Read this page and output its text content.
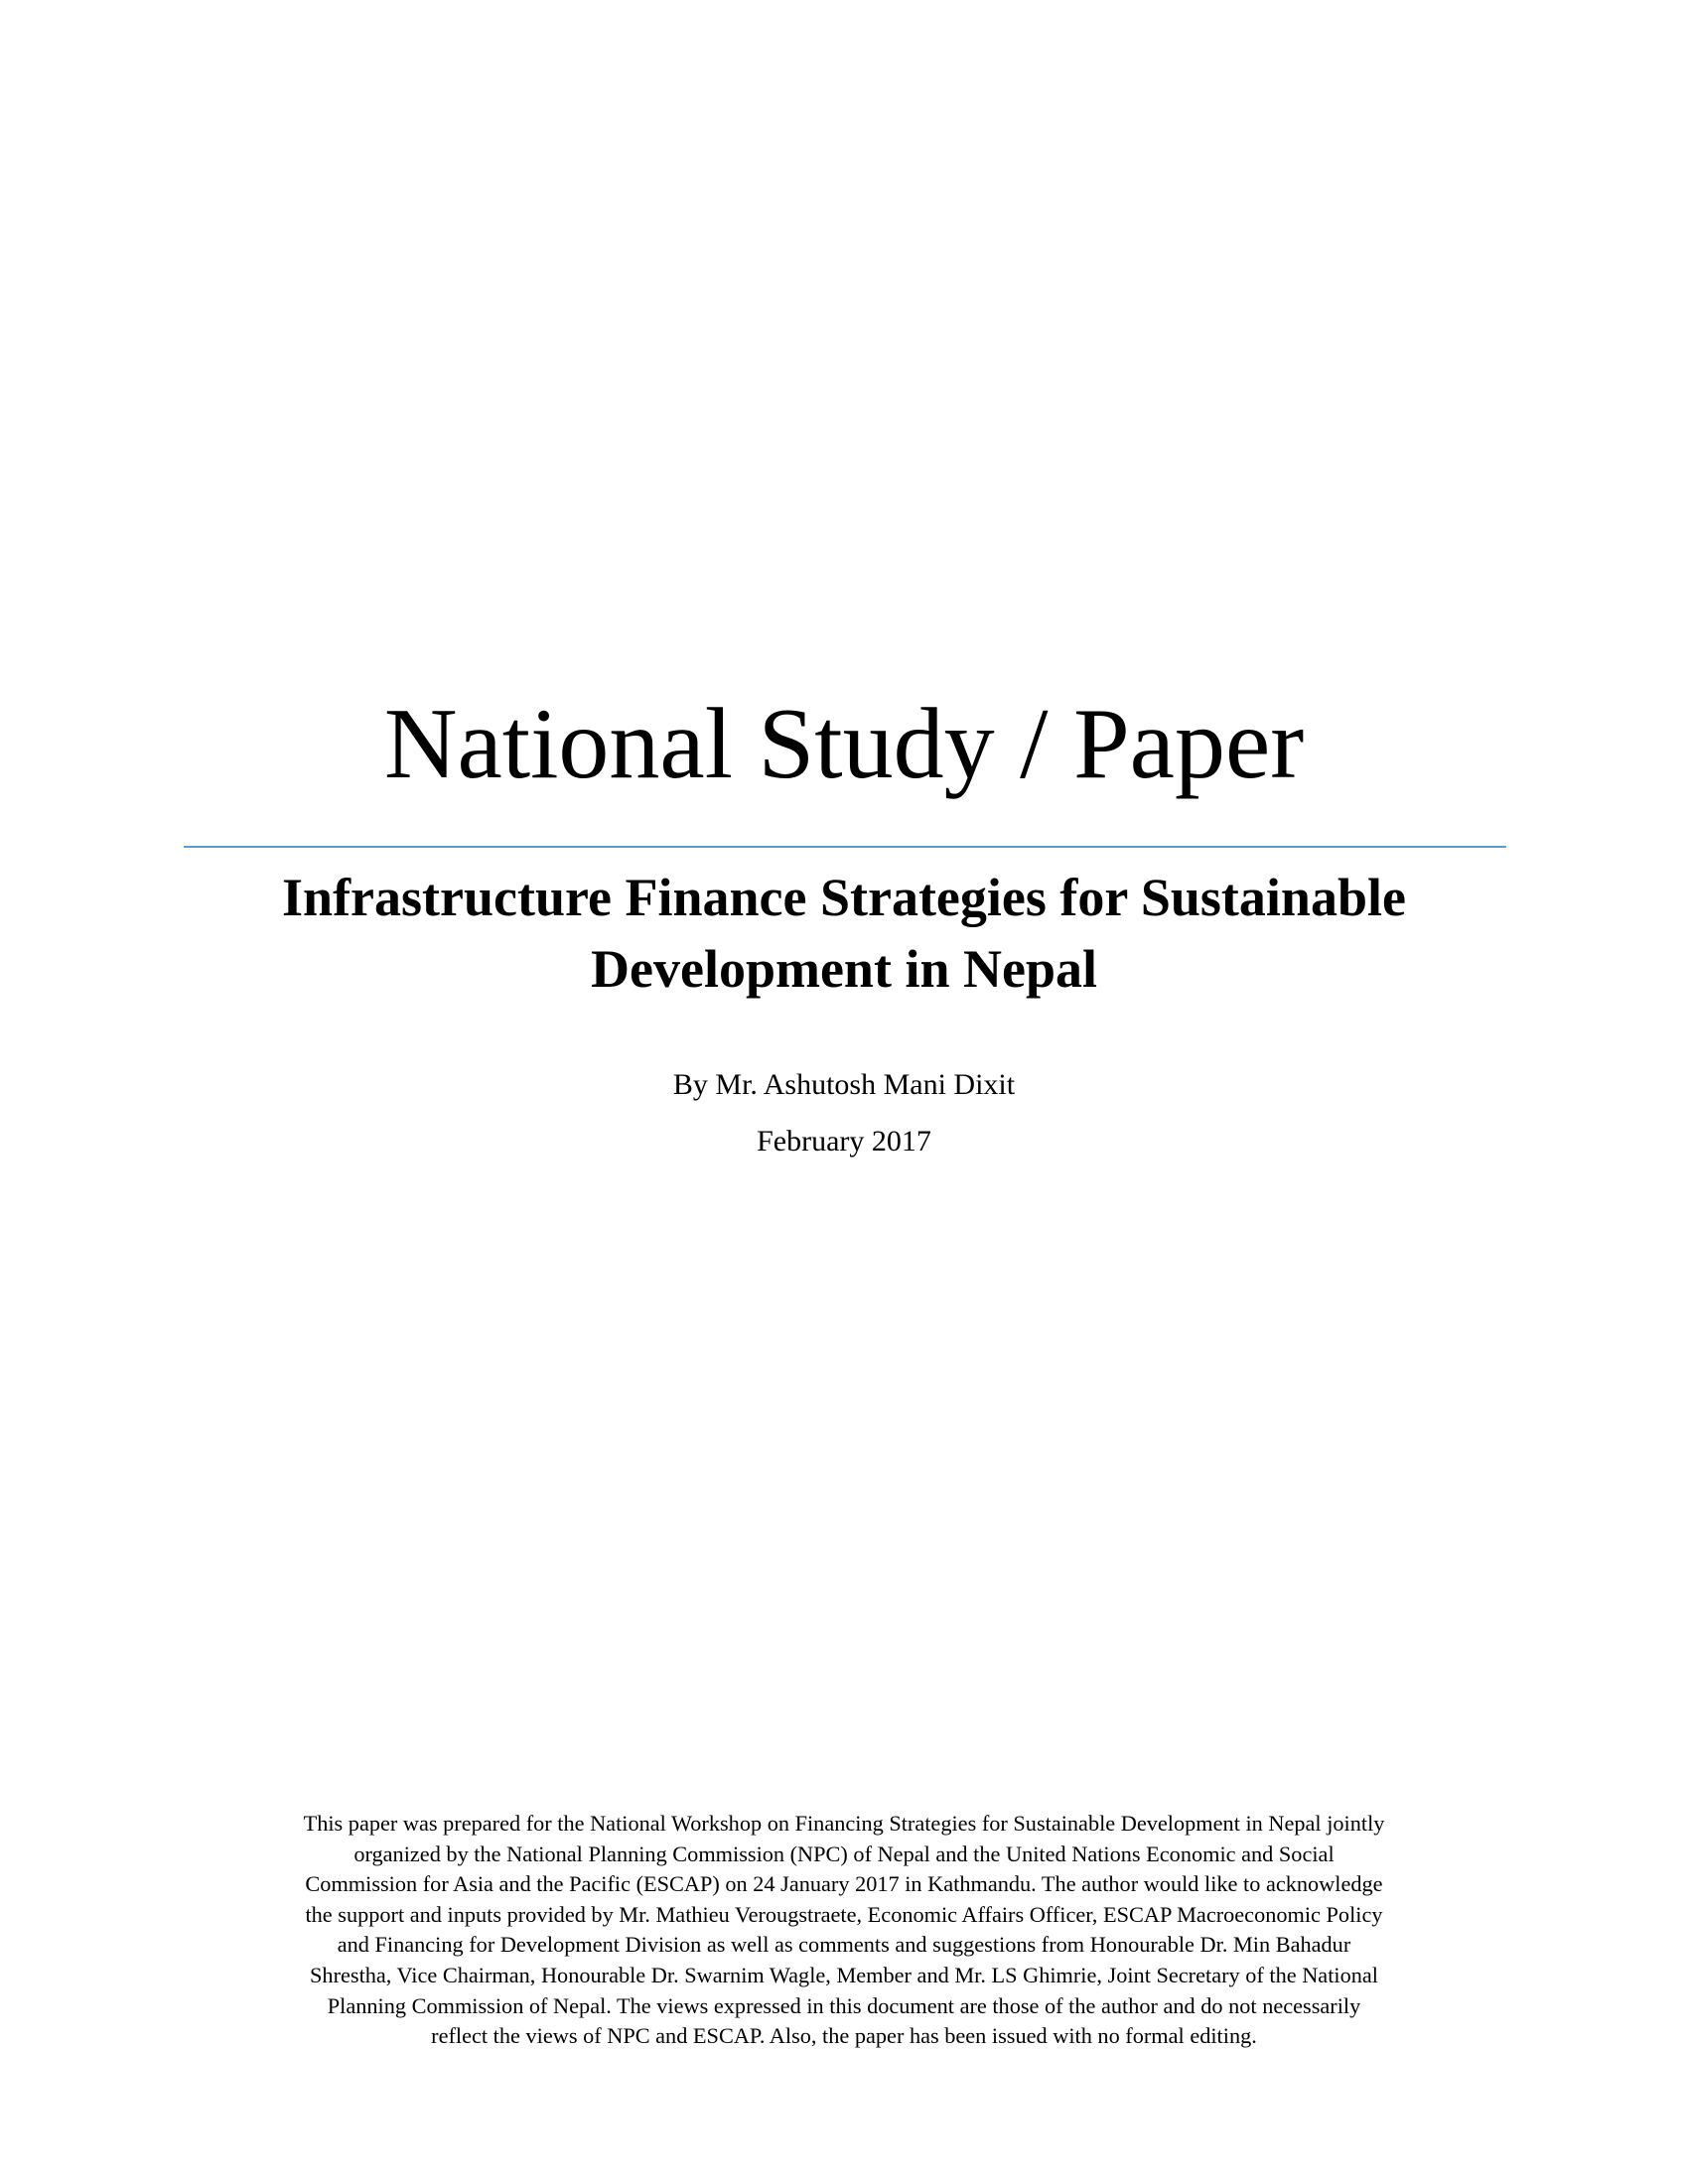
National Study / Paper
Infrastructure Finance Strategies for Sustainable
Development in Nepal

By Mr. Ashutosh Mani Dixit

February 2017

This paper was prepared for the National Workshop on Financing Strategies for Sustainable Development in Nepal jointly
organized by the National Planning Commission (NPC) of Nepal and the United Nations Economic and Social
Commission for Asia and the Pacific (ESCAP) on 24 January 2017 in Kathmandu. The author would like to acknowledge
the support and inputs provided by Mr. Mathieu Verougstraete, Economic Affairs Officer, ESCAP Macroeconomic Policy
and Financing for Development Division as well as comments and suggestions from Honourable Dr. Min Bahadur
Shrestha, Vice Chairman, Honourable Dr. Swarnim Wagle, Member and Mr. LS Ghimrie, Joint Secretary of the National
Planning Commission of Nepal. The views expressed in this document are those of the author and do not necessarily
reflect the views of NPC and ESCAP. Also, the paper has been issued with no formal editing.
